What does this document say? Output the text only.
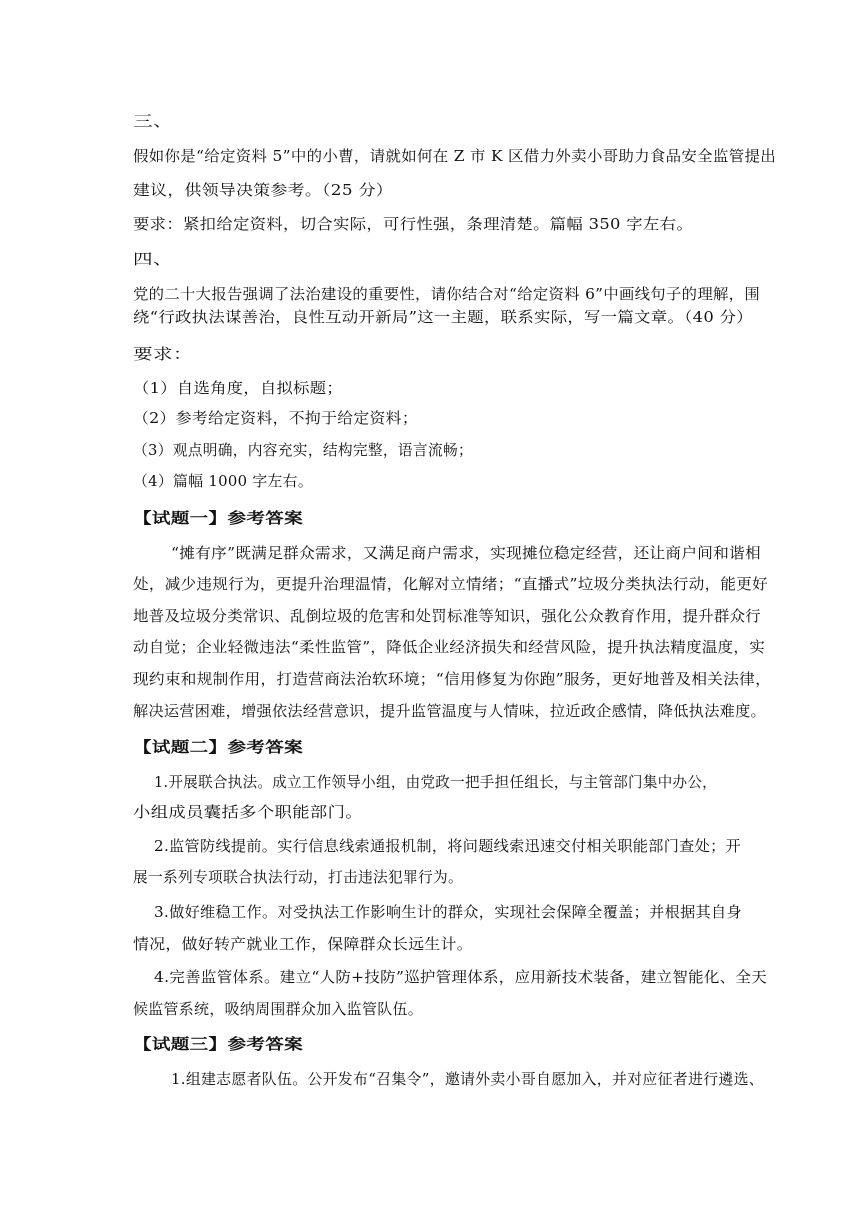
三、
假如你是“给定资料 5”中的小曹，请就如何在 Z 市 K 区借力外卖小哥助力食品安全监管提出
建议，供领导决策参考。（25 分）
要求：紧扣给定资料，切合实际，可行性强，条理清楚。篇幅 350 字左右。
四、
党的二十大报告强调了法治建设的重要性，请你结合对“给定资料 6”中画线句子的理解，围
绕“行政执法谋善治，良性互动开新局”这一主题，联系实际，写一篇文章。（40 分）
要求：
（1）自选角度，自拟标题；
（2）参考给定资料，不拘于给定资料；
（3）观点明确，内容充实，结构完整，语言流畅；
（4）篇幅 1000 字左右。
【试题一】参考答案
“摊有序”既满足群众需求，又满足商户需求，实现摊位稳定经营，还让商户间和谐相
处，减少违规行为，更提升治理温情，化解对立情绪；“直播式”垃圾分类执法行动，能更好
地普及垃圾分类常识、乱倒垃圾的危害和处罚标准等知识，强化公众教育作用，提升群众行
动自觉；企业轻微违法“柔性监管”，降低企业经济损失和经营风险，提升执法精度温度，实
现约束和规制作用，打造营商法治软环境；“信用修复为你跑”服务，更好地普及相关法律，
解决运营困难，增强依法经营意识，提升监管温度与人情味，拉近政企感情，降低执法难度。
【试题二】参考答案
1.开展联合执法。成立工作领导小组，由党政一把手担任组长，与主管部门集中办公，
小组成员囊括多个职能部门。
2.监管防线提前。实行信息线索通报机制，将问题线索迅速交付相关职能部门查处；开
展一系列专项联合执法行动，打击违法犯罪行为。
3.做好维稳工作。对受执法工作影响生计的群众，实现社会保障全覆盖；并根据其自身
情况，做好转产就业工作，保障群众长远生计。
4.完善监管体系。建立“人防+技防”巡护管理体系，应用新技术装备，建立智能化、全天
候监管系统，吸纳周围群众加入监管队伍。
【试题三】参考答案
1.组建志愿者队伍。公开发布“召集令”，邀请外卖小哥自愿加入，并对应征者进行遴选、
